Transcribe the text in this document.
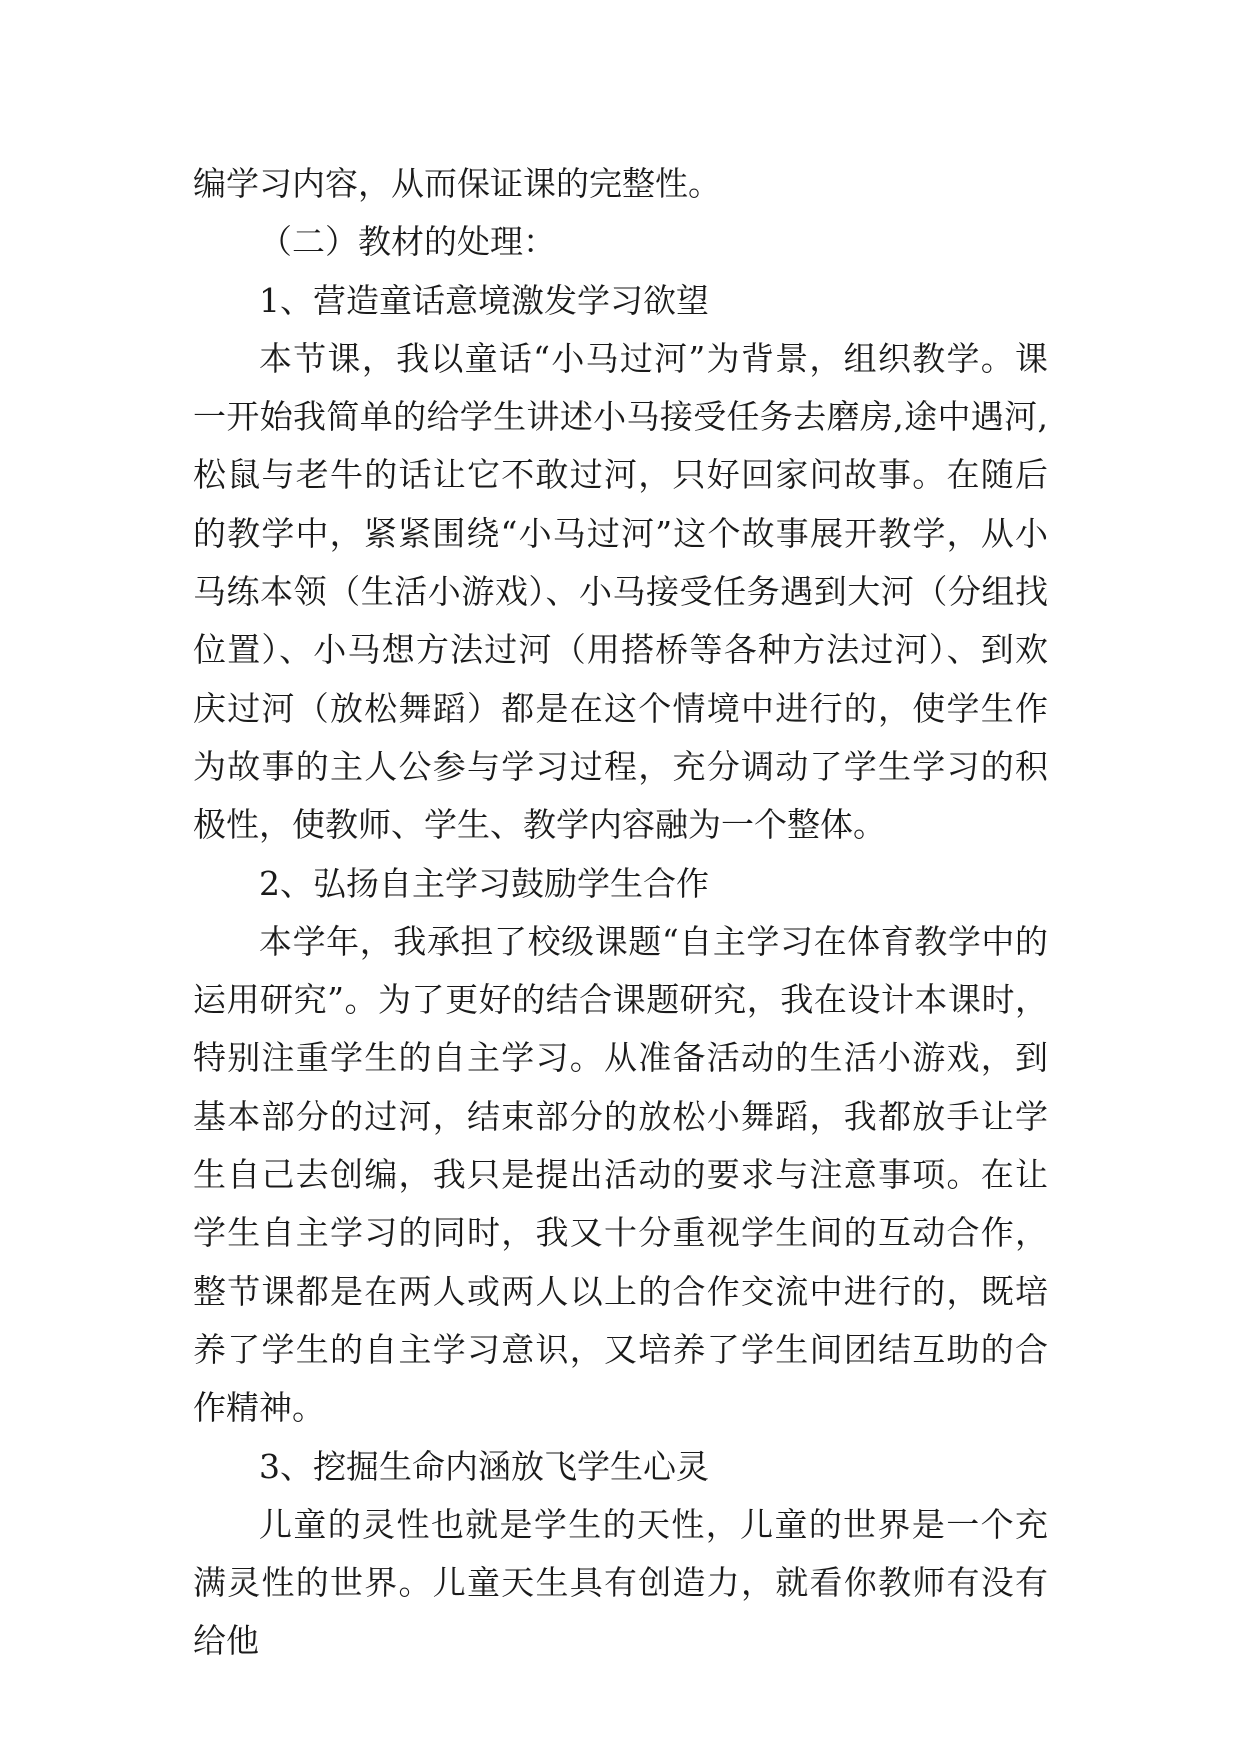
编学习内容，从而保证课的完整性。

（二）教材的处理：

1、营造童话意境激发学习欲望

本节课，我以童话“小马过河”为背景，组织教学。课一开始我简单的给学生讲述小马接受任务去磨房,途中遇河,松鼠与老牛的话让它不敢过河，只好回家问故事。在随后的教学中，紧紧围绕“小马过河”这个故事展开教学，从小马练本领（生活小游戏）、小马接受任务遇到大河（分组找位置）、小马想方法过河（用搭桥等各种方法过河）、到欢庆过河（放松舞蹈）都是在这个情境中进行的，使学生作为故事的主人公参与学习过程，充分调动了学生学习的积极性，使教师、学生、教学内容融为一个整体。

2、弘扬自主学习鼓励学生合作

本学年，我承担了校级课题“自主学习在体育教学中的运用研究”。为了更好的结合课题研究，我在设计本课时，特别注重学生的自主学习。从准备活动的生活小游戏，到基本部分的过河，结束部分的放松小舞蹈，我都放手让学生自己去创编，我只是提出活动的要求与注意事项。在让学生自主学习的同时，我又十分重视学生间的互动合作，整节课都是在两人或两人以上的合作交流中进行的，既培养了学生的自主学习意识，又培养了学生间团结互助的合作精神。

3、挖掘生命内涵放飞学生心灵

儿童的灵性也就是学生的天性，儿童的世界是一个充满灵性的世界。儿童天生具有创造力，就看你教师有没有给他
